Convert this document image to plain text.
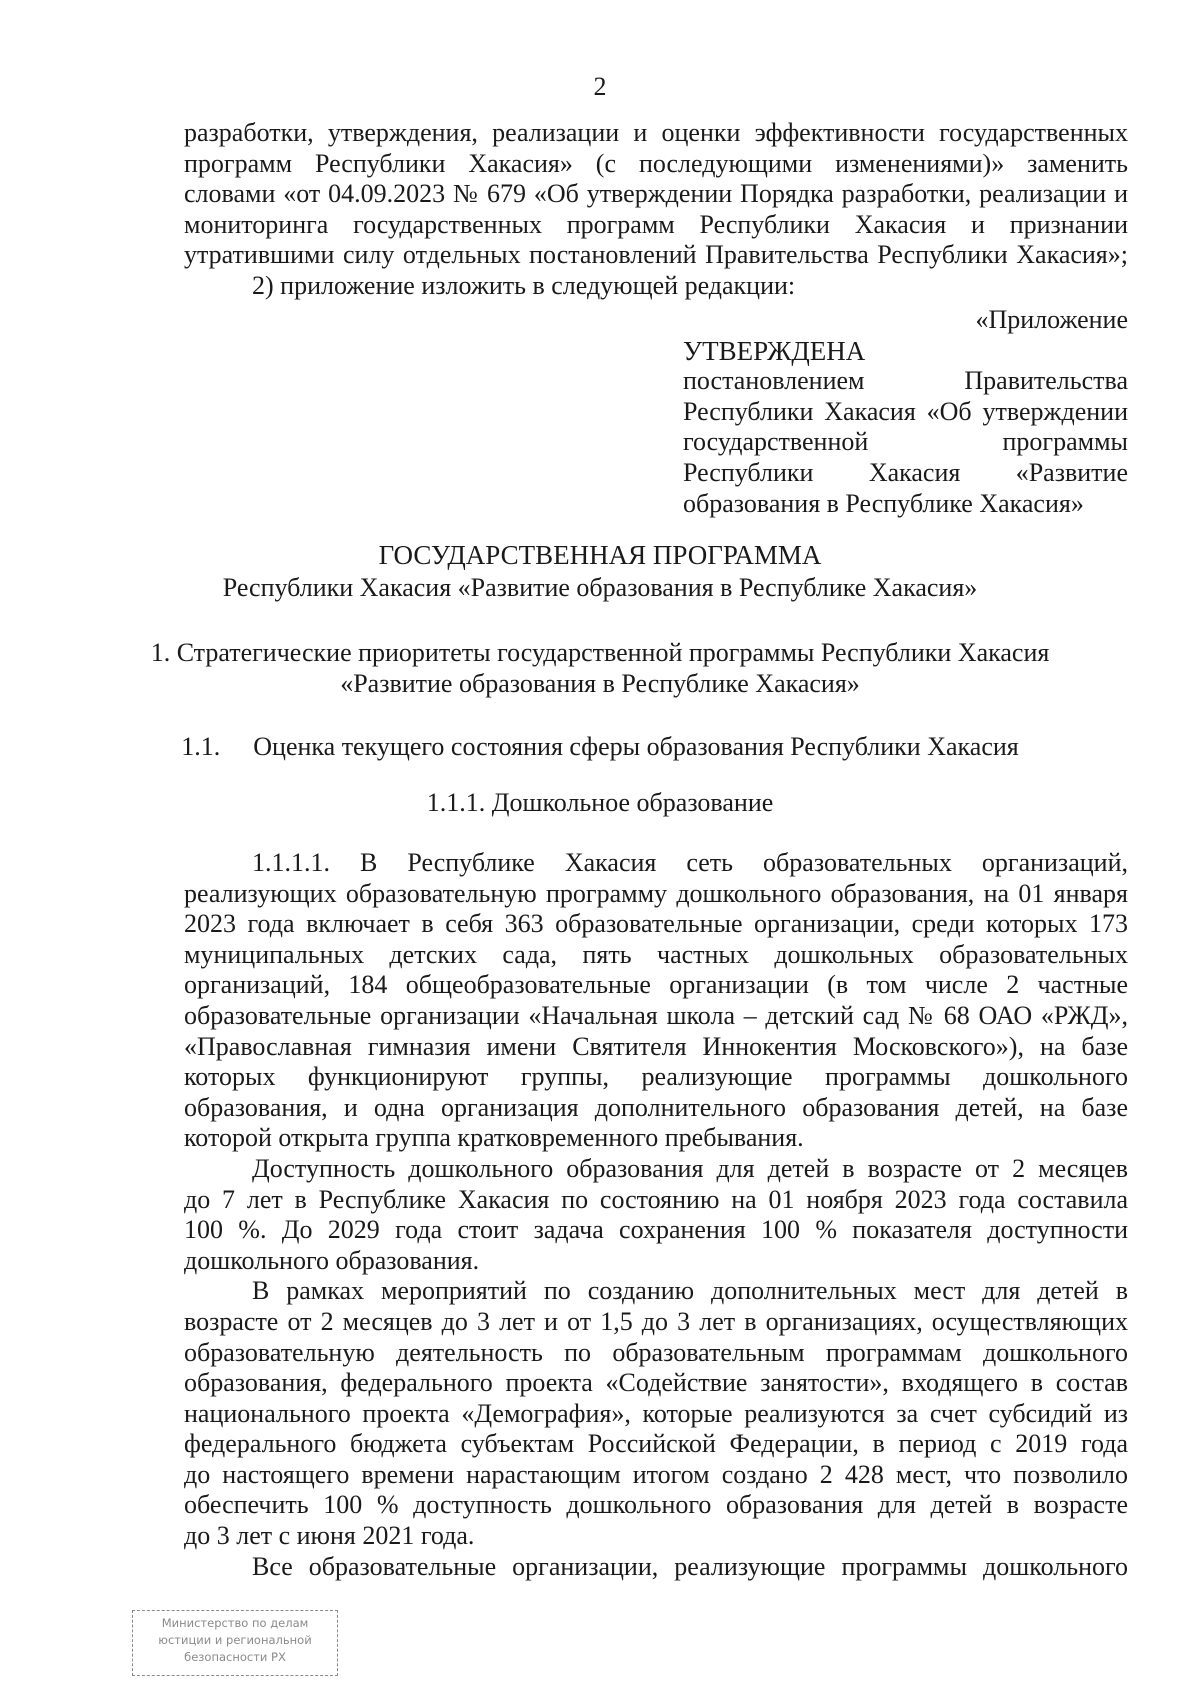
2
разработки, утверждения, реализации и оценки эффективности государственных
программ Республики Хакасия» (с последующими изменениями)» заменить
словами «от 04.09.2023 № 679 «Об утверждении Порядка разработки, реализации и
мониторинга государственных программ Республики Хакасия и признании
утратившими силу отдельных постановлений Правительства Республики Хакасия»;
2) приложение изложить в следующей редакции:

«Приложение

УТВЕРЖДЕНА

постановлением Правительства
Республики Хакасия «Об утверждении
государственной программы
Республики Хакасия «Развитие
образования в Республике Хакасия»

ГОСУДАРСТВЕННАЯ ПРОГРАММА

Республики Хакасия «Развитие образования в Республике Хакасия»

1. Стратегические приоритеты государственной программы Республики Хакасия

«Развитие образования в Республике Хакасия»

1.1. Оценка текущего состояния сферы образования Республики Хакасия

1.1.1. Дошкольное образование

1.1.1.1. В Республике Хакасия сеть образовательных организаций,
реализующих образовательную программу дошкольного образования, на 01 января
2023 года включает в себя 363 образовательные организации, среди которых 173
муниципальных детских сада, пять частных дошкольных образовательных
организаций, 184 общеобразовательные организации (в том числе 2 частные
образовательные организации «Начальная школа – детский сад № 68 ОАО «РЖД»,
«Православная гимназия имени Святителя Иннокентия Московского»), на базе
которых функционируют группы, реализующие программы дошкольного
образования, и одна организация дополнительного образования детей, на базе
которой открыта группа кратковременного пребывания.
Доступность дошкольного образования для детей в возрасте от 2 месяцев
до 7 лет в Республике Хакасия по состоянию на 01 ноября 2023 года составила
100 %. До 2029 года стоит задача сохранения 100 % показателя доступности
дошкольного образования.
В рамках мероприятий по созданию дополнительных мест для детей в
возрасте от 2 месяцев до 3 лет и от 1,5 до 3 лет в организациях, осуществляющих
образовательную деятельность по образовательным программам дошкольного
образования, федерального проекта «Содействие занятости», входящего в состав
национального проекта «Демография», которые реализуются за счет субсидий из
федерального бюджета субъектам Российской Федерации, в период с 2019 года
до настоящего времени нарастающим итогом создано 2 428 мест, что позволило
обеспечить 100 % доступность дошкольного образования для детей в возрасте
до 3 лет с июня 2021 года.
Все образовательные организации, реализующие программы дошкольного
Министерство по делам
юстиции и региональной
безопасности РХ
